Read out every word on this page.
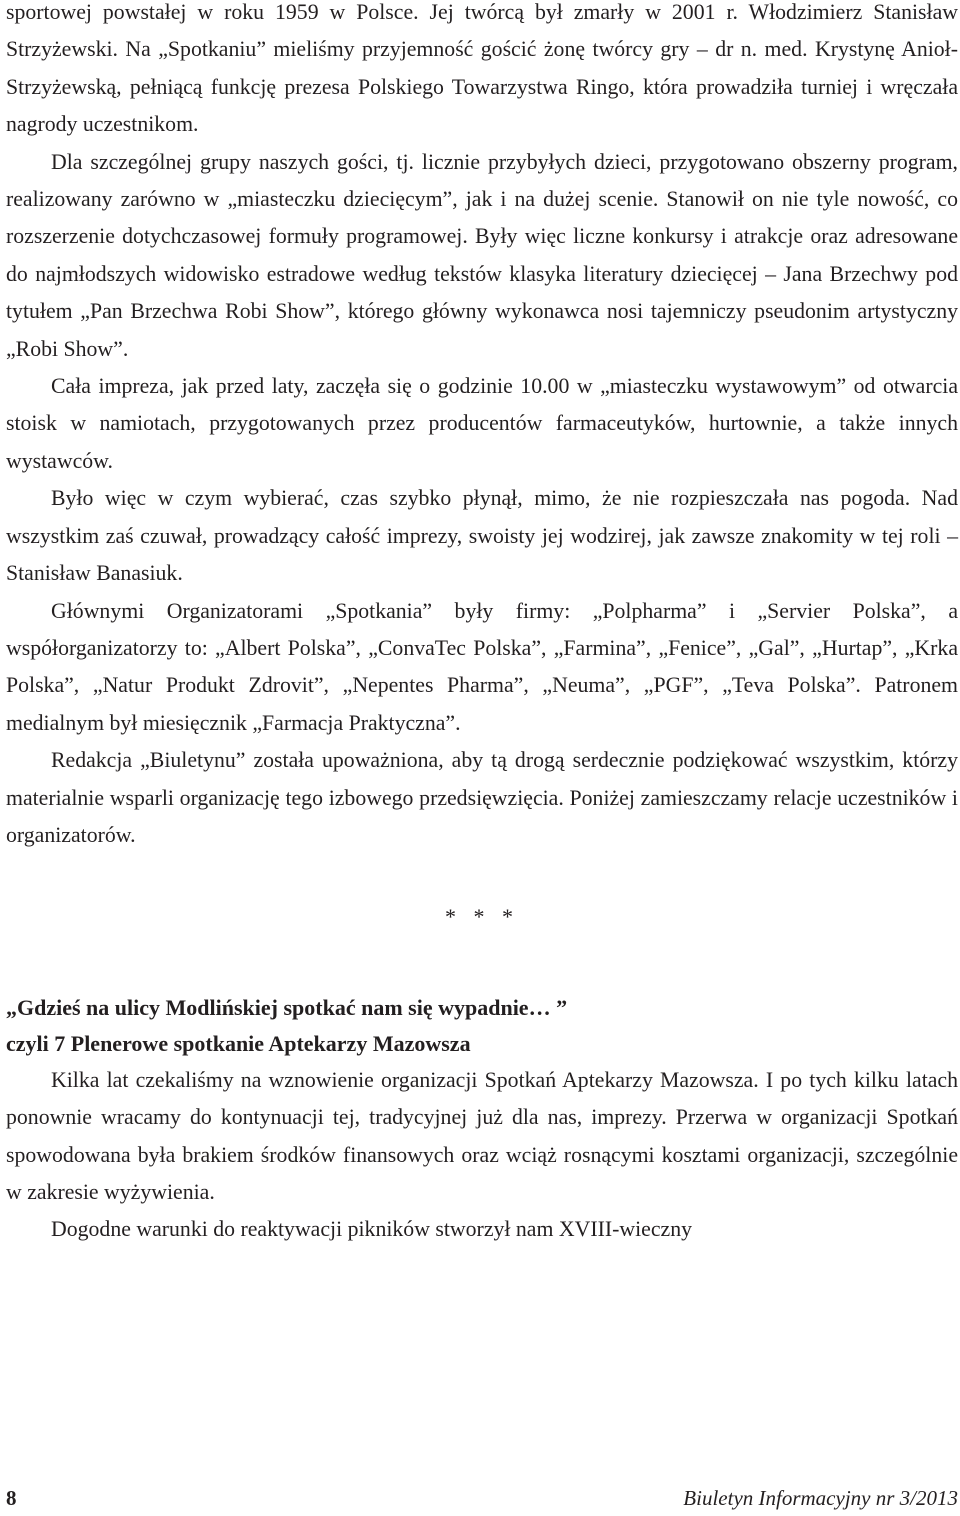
sportowej powstałej w roku 1959 w Polsce. Jej twórcą był zmarły w 2001 r. Włodzimierz Stanisław Strzyżewski. Na „Spotkaniu” mieliśmy przyjemność gościć żonę twórcy gry – dr n. med. Krystynę Anioł-Strzyżewską, pełniącą funkcję prezesa Polskiego Towarzystwa Ringo, która prowadziła turniej i wręczała nagrody uczestnikom.

Dla szczególnej grupy naszych gości, tj. licznie przybyłych dzieci, przygotowano obszerny program, realizowany zarówno w „miasteczku dziecięcym”, jak i na dużej scenie. Stanowił on nie tyle nowość, co rozszerzenie dotychczasowej formuły programowej. Były więc liczne konkursy i atrakcje oraz adresowane do najmłodszych widowisko estradowe według tekstów klasyka literatury dziecięcej – Jana Brzechwy pod tytułem „Pan Brzechwa Robi Show”, którego główny wykonawca nosi tajemniczy pseudonim artystyczny „Robi Show”.

Cała impreza, jak przed laty, zaczęła się o godzinie 10.00 w „miasteczku wystawowym” od otwarcia stoisk w namiotach, przygotowanych przez producentów farmaceutyków, hurtownie, a także innych wystawców.

Było więc w czym wybierać, czas szybko płynął, mimo, że nie rozpieszczała nas pogoda. Nad wszystkim zaś czuwał, prowadzący całość imprezy, swoisty jej wodzirej, jak zawsze znakomity w tej roli – Stanisław Banasiuk.

Głównymi Organizatorami „Spotkania” były firmy: „Polpharma” i „Servier Polska”, a współorganizatorzy to: „Albert Polska”, „ConvaTec Polska”, „Farmina”, „Fenice”, „Gal”, „Hurtap”, „Krka Polska”, „Natur Produkt Zdrovit”, „Nepentes Pharma”, „Neuma”, „PGF”, „Teva Polska”. Patronem medialnym był miesięcznik „Farmacja Praktyczna”.

Redakcja „Biuletynu” została upoważniona, aby tą drogą serdecznie podziękować wszystkim, którzy materialnie wsparli organizację tego izbowego przedsięwzięcia. Poniżej zamieszczamy relacje uczestników i organizatorów.

* * *
„Gdzieś na ulicy Modlińskiej spotkać nam się wypadnie… ”
czyli 7 Plenerowe spotkanie Aptekarzy Mazowsza

Kilka lat czekaliśmy na wznowienie organizacji Spotkań Aptekarzy Mazowsza. I po tych kilku latach ponownie wracamy do kontynuacji tej, tradycyjnej już dla nas, imprezy. Przerwa w organizacji Spotkań spowodowana była brakiem środków finansowych oraz wciąż rosnącymi kosztami organizacji, szczególnie w zakresie wyżywienia.

Dogodne warunki do reaktywacji pikników stworzył nam XVIII-wieczny

8	Biuletyn Informacyjny nr 3/2013
